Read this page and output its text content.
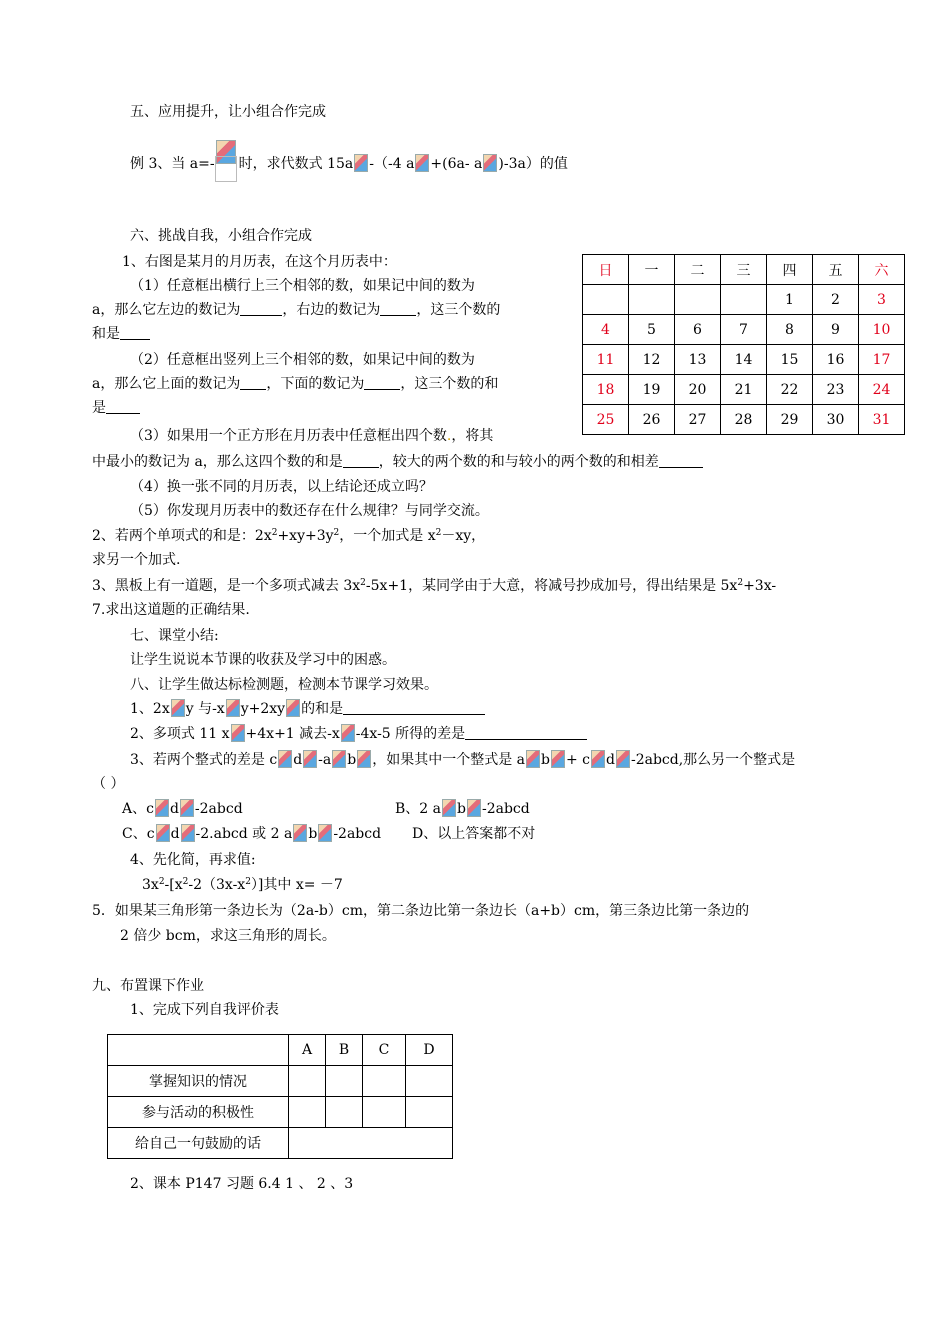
五、应用提升，让小组合作完成
例 3、当 a=- 时，求代数式 15a -（-4 a +(6a- a )-3a）的值
六、挑战自我，小组合作完成
1、右图是某月的月历表，在这个月历表中：
（1）任意框出横行上三个相邻的数，如果记中间的数为
a，那么它左边的数记为	，右边的数记为	，这三个数的
和是
（2）任意框出竖列上三个相邻的数，如果记中间的数为
a，那么它上面的数记为 ，下面的数记为	，这三个数的和
是
（3）如果用一个正方形在月历表中任意框出四个数.，将其
中最小的数记为 a，那么这四个数的和是	，较大的两个数的和与较小的两个数的和相差
（4）换一张不同的月历表，以上结论还成立吗？
（5）你发现月历表中的数还存在什么规律？与同学交流。
日	一	二	三	四	五	六
				1	2	3
4	5	6	7	8	9	10
11	12	13	14	15	16	17
18	19	20	21	22	23	24
25	26	27	28	29	30	31
2、若两个单项式的和是：$2x^2+xy+3y^2$，一个加式是 $x^2-xy$，
求另一个加式.
3、黑板上有一道题，是一个多项式减去 $3x^2-5x+1$，某同学由于大意，将减号抄成加号，得出结果是 $5x^2+3x-$
7.求出这道题的正确结果.
七、课堂小结:
让学生说说本节课的收获及学习中的困惑。
八、让学生做达标检测题，检测本节课学习效果。
1、2x y 与-x y+2xy 的和是
2、多项式 11 x +4x+1 减去-x -4x-5 所得的差是
3、若两个整式的差是 c d -a b ，如果其中一个整式是 a b + c d -2abcd,那么另一个整式是
（ ）
A、c d -2abcd	B、2 a b -2abcd
C、c d -2.abcd 或 2 a b -2abcd D、以上答案都不对
4、先化简，再求值:
$3x^2-[x^2-2(3x-x^2)]$其中 x= －7
5．如果某三角形第一条边长为（2a-b）cm，第二条边比第一条边长（a+b）cm，第三条边比第一条边的
2 倍少 bcm，求这三角形的周长。
九、布置课下作业
1、完成下列自我评价表
	A	B	C	D
掌握知识的情况				
参与活动的积极性				
给自己一句鼓励的话				
2、课本 P147 习题 6.4 1 、 2 、3
